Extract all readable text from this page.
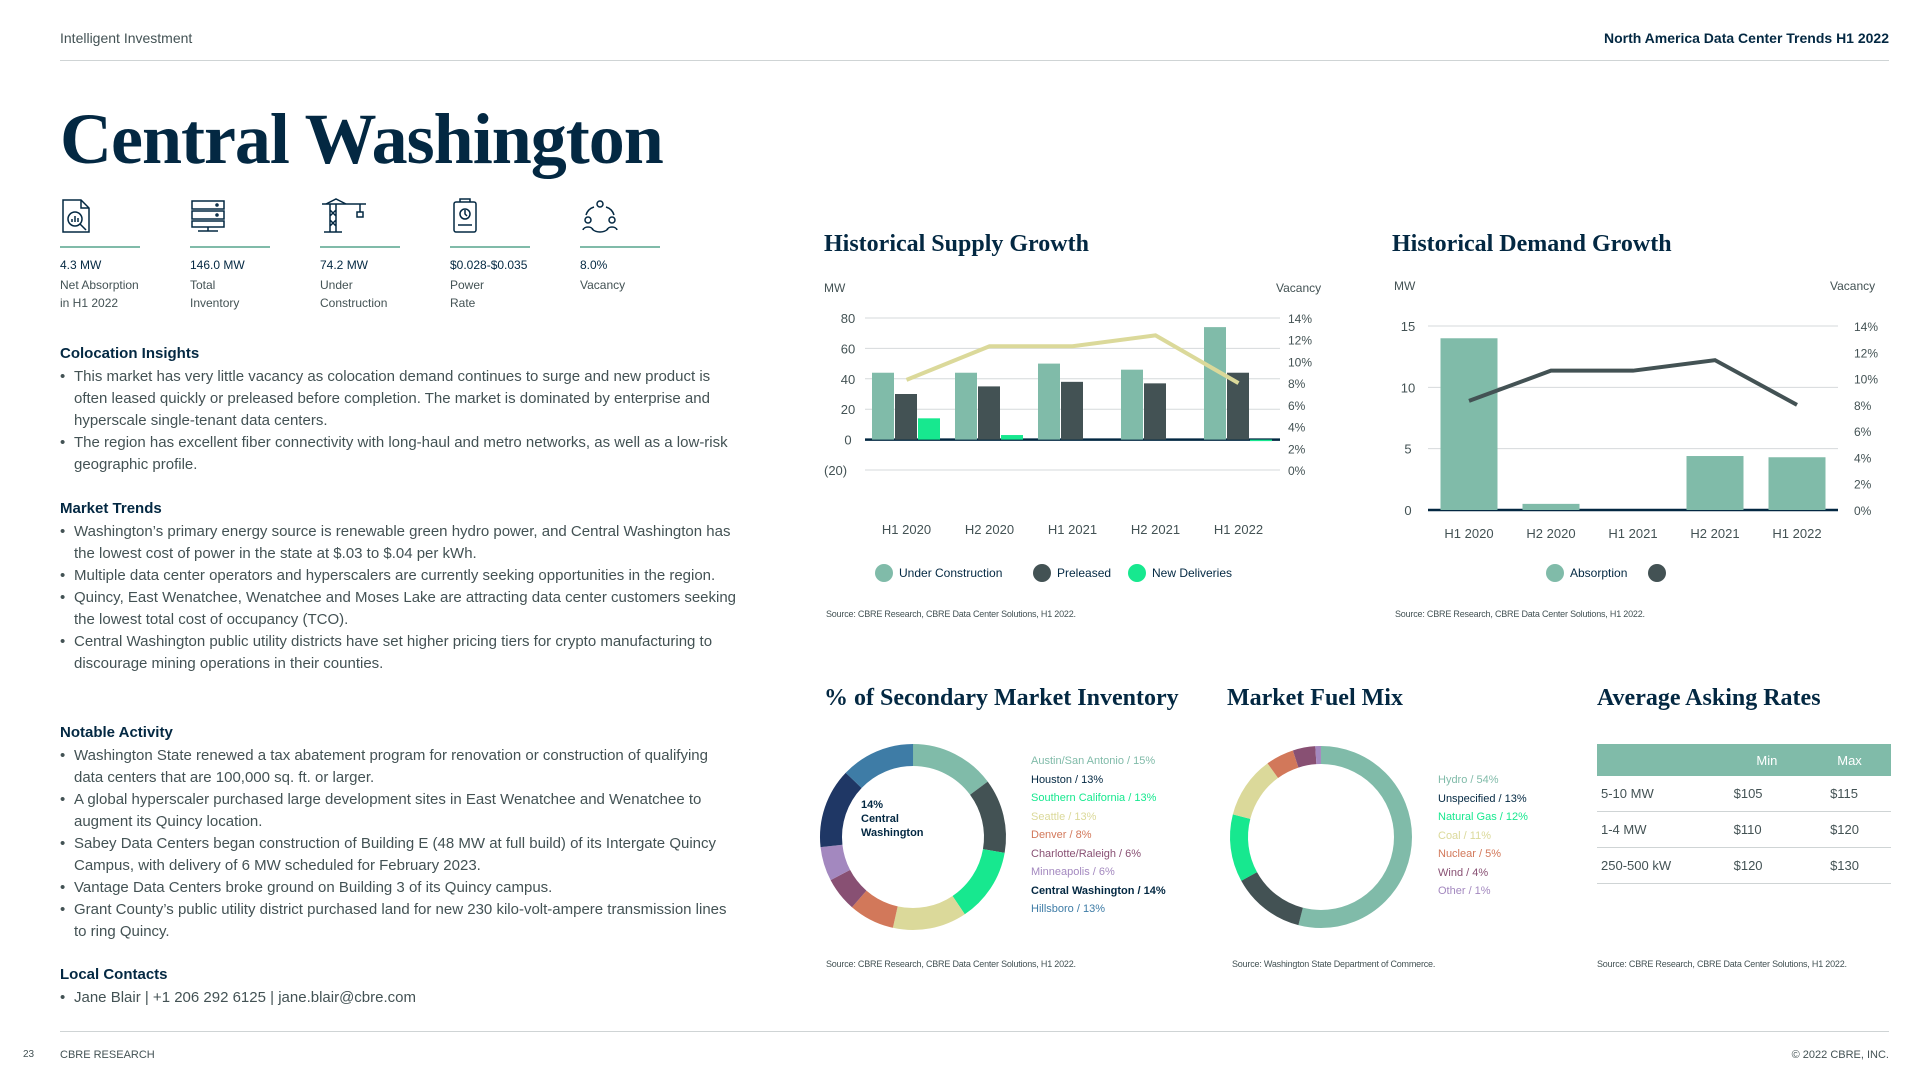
Intelligent Investment	North America Data Center Trends H1 2022
Central Washington
4.3 MW
Net Absorption in H1 2022
146.0 MW
Total Inventory
74.2 MW
Under Construction
$0.028-$0.035
Power Rate
8.0%
Vacancy
Colocation Insights
• This market has very little vacancy as colocation demand continues to surge and new product is often leased quickly or preleased before completion. The market is dominated by enterprise and hyperscale single-tenant data centers.
• The region has excellent fiber connectivity with long-haul and metro networks, as well as a low-risk geographic profile.
Market Trends
• Washington’s primary energy source is renewable green hydro power, and Central Washington has the lowest cost of power in the state at $.03 to $.04 per kWh.
• Multiple data center operators and hyperscalers are currently seeking opportunities in the region.
• Quincy, East Wenatchee, Wenatchee and Moses Lake are attracting data center customers seeking the lowest total cost of occupancy (TCO).
• Central Washington public utility districts have set higher pricing tiers for crypto manufacturing to discourage mining operations in their counties.
Notable Activity
• Washington State renewed a tax abatement program for renovation or construction of qualifying data centers that are 100,000 sq. ft. or larger.
• A global hyperscaler purchased large development sites in East Wenatchee and Wenatchee to augment its Quincy location.
• Sabey Data Centers began construction of Building E (48 MW at full build) of its Intergate Quincy Campus, with delivery of 6 MW scheduled for February 2023.
• Vantage Data Centers broke ground on Building 3 of its Quincy campus.
• Grant County’s public utility district purchased land for new 230 kilo-volt-ampere transmission lines to ring Quincy.
Local Contacts
• Jane Blair | +1 206 292 6125 | jane.blair@cbre.com
Historical Supply Growth	Historical Demand Growth
% of Secondary Market Inventory Market Fuel Mix	Average Asking Rates
MW	Vacancy
(20)
0
20
40
60
80
0%
2%
4%
6%
8%
10%
12%
14%
H1 2020	H2 2020	H1 2021	H2 2021	H1 2022
Under Construction	Preleased	New Deliveries
Source: CBRE Research, CBRE Data Center Solutions, H1 2022.
MW	Vacancy
0
5
10
15
0%
2%
4%
6%
8%
10%
12%
14%
H1 2020	H2 2020	H1 2021	H2 2021	H1 2022
Absorption
Source: CBRE Research, CBRE Data Center Solutions, H1 2022.
14%
Central
Washington
Austin/San Antonio / 15%
Houston / 13%
Southern California / 13%
Seattle / 13%
Denver / 8%
Charlotte/Raleigh / 6%
Minneapolis / 6%
Central Washington / 14%
Hillsboro / 13%
Source: CBRE Research, CBRE Data Center Solutions, H1 2022.
Hydro / 54%
Unspecified / 13%
Natural Gas / 12%
Coal / 11%
Nuclear / 5%
Wind / 4%
Other / 1%
Source: Washington State Department of Commerce.
	Min	Max
5-10 MW	$105	$115
1-4 MW	$110	$120
250-500 kW	$120	$130
Source: CBRE Research, CBRE Data Center Solutions, H1 2022.
23 CBRE RESEARCH	© 2022 CBRE, INC.
